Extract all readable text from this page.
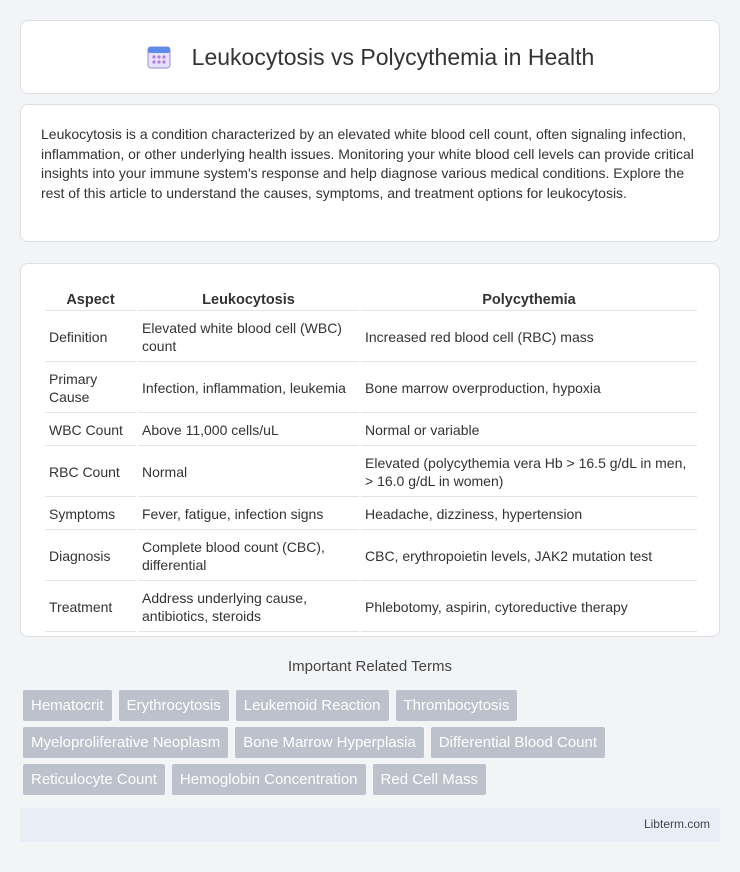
Leukocytosis vs Polycythemia in Health

Leukocytosis is a condition characterized by an elevated white blood cell count, often signaling infection, inflammation, or other underlying health issues. Monitoring your white blood cell levels can provide critical insights into your immune system's response and help diagnose various medical conditions. Explore the rest of this article to understand the causes, symptoms, and treatment options for leukocytosis.

Aspect	Leukocytosis	Polycythemia
Definition	Elevated white blood cell (WBC) count	Increased red blood cell (RBC) mass
Primary Cause	Infection, inflammation, leukemia	Bone marrow overproduction, hypoxia
WBC Count	Above 11,000 cells/uL	Normal or variable
RBC Count	Normal	Elevated (polycythemia vera Hb > 16.5 g/dL in men, > 16.0 g/dL in women)
Symptoms	Fever, fatigue, infection signs	Headache, dizziness, hypertension
Diagnosis	Complete blood count (CBC), differential	CBC, erythropoietin levels, JAK2 mutation test
Treatment	Address underlying cause, antibiotics, steroids	Phlebotomy, aspirin, cytoreductive therapy
Important Related Terms
Hematocrit	Erythrocytosis	Leukemoid Reaction	Thrombocytosis
Myeloproliferative Neoplasm	Bone Marrow Hyperplasia	Differential Blood Count
Reticulocyte Count	Hemoglobin Concentration	Red Cell Mass
Libterm.com
